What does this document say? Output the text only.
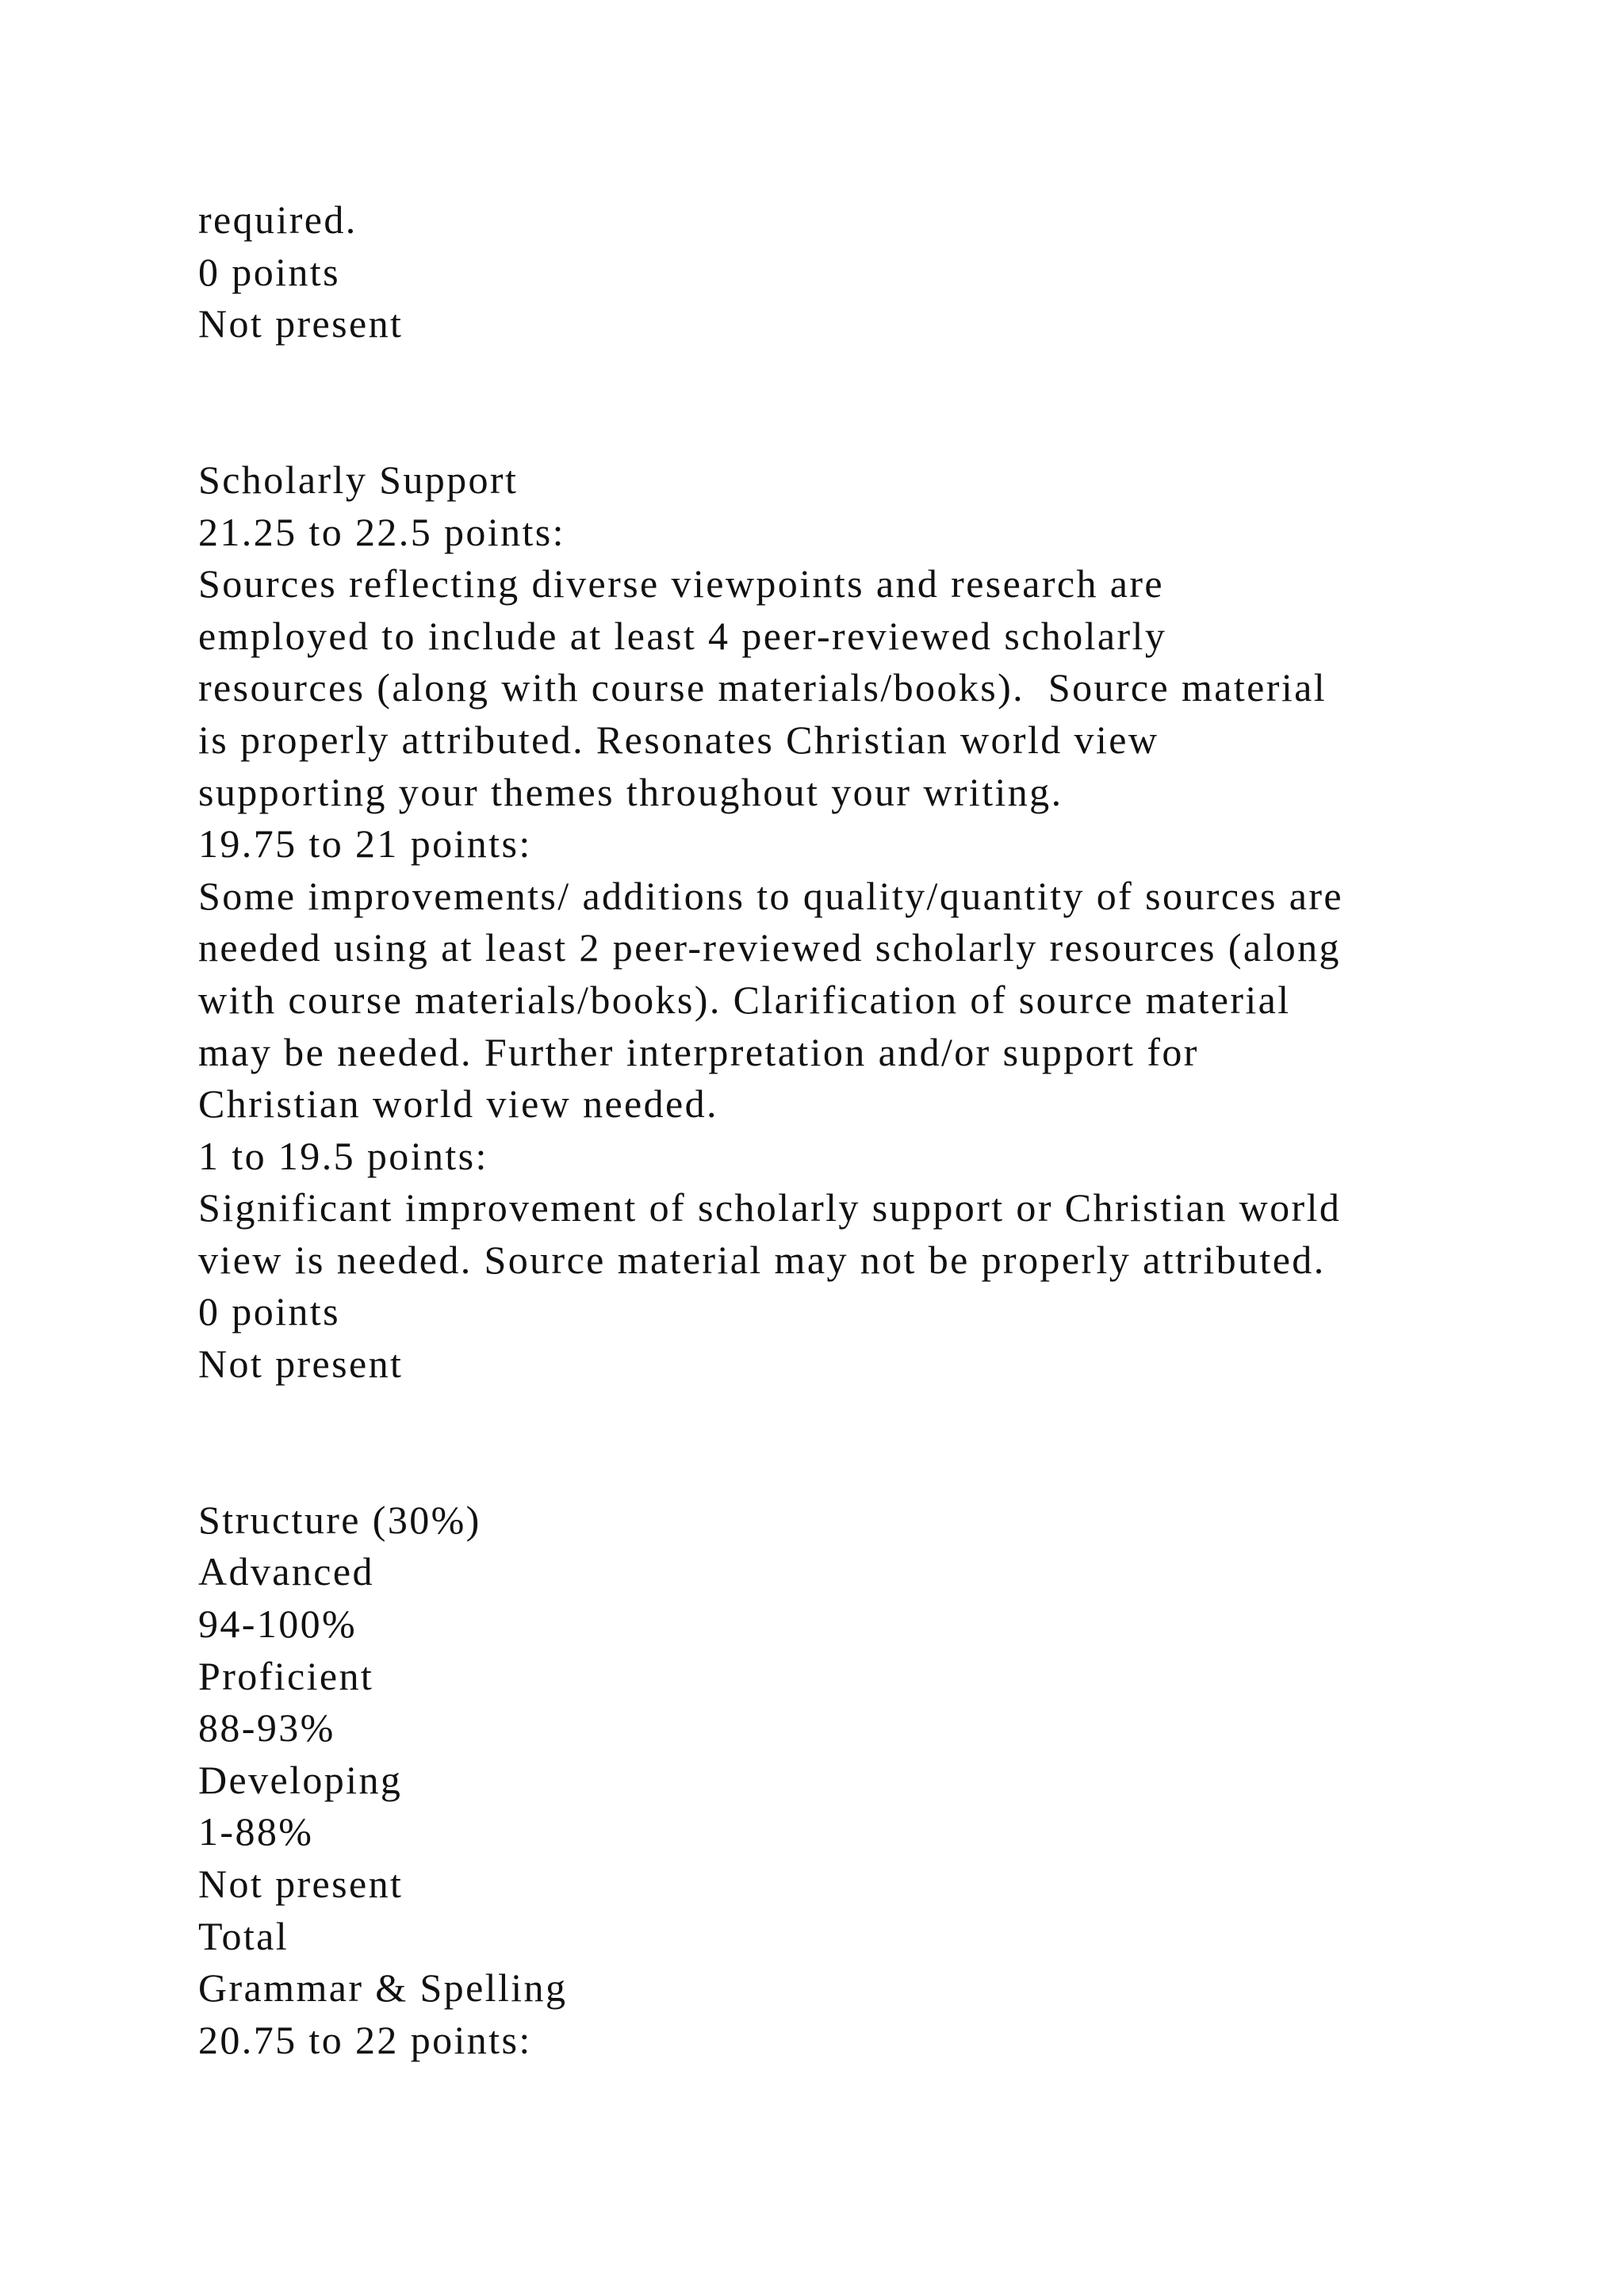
required.

0 points

Not present

Scholarly Support

21.25 to 22.5 points:

Sources reflecting diverse viewpoints and research are

employed to include at least 4 peer-reviewed scholarly

resources (along with course materials/books).  Source material

is properly attributed. Resonates Christian world view

supporting your themes throughout your writing.

19.75 to 21 points:

Some improvements/ additions to quality/quantity of sources are

needed using at least 2 peer-reviewed scholarly resources (along

with course materials/books). Clarification of source material

may be needed. Further interpretation and/or support for

Christian world view needed.

1 to 19.5 points:

Significant improvement of scholarly support or Christian world

view is needed. Source material may not be properly attributed.

0 points

Not present

Structure (30%)

Advanced

94-100%

Proficient

88-93%

Developing

1-88%

Not present

Total

Grammar & Spelling

20.75 to 22 points:
